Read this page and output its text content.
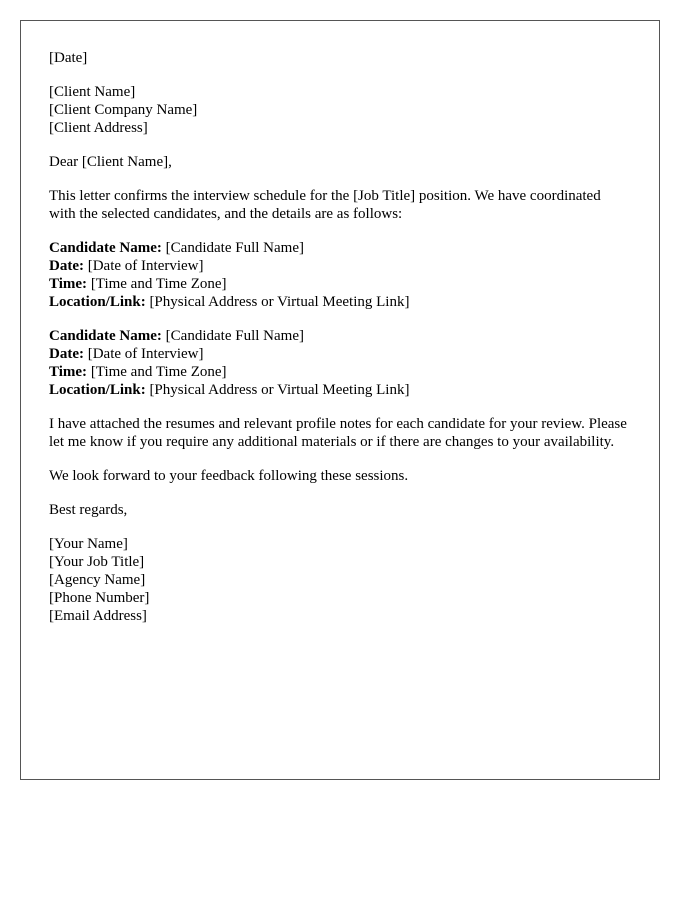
[Date]
[Client Name]
[Client Company Name]
[Client Address]
Dear [Client Name],
This letter confirms the interview schedule for the [Job Title] position. We have coordinated with the selected candidates, and the details are as follows:
Candidate Name: [Candidate Full Name]
Date: [Date of Interview]
Time: [Time and Time Zone]
Location/Link: [Physical Address or Virtual Meeting Link]
Candidate Name: [Candidate Full Name]
Date: [Date of Interview]
Time: [Time and Time Zone]
Location/Link: [Physical Address or Virtual Meeting Link]
I have attached the resumes and relevant profile notes for each candidate for your review. Please let me know if you require any additional materials or if there are changes to your availability.
We look forward to your feedback following these sessions.
Best regards,
[Your Name]
[Your Job Title]
[Agency Name]
[Phone Number]
[Email Address]
